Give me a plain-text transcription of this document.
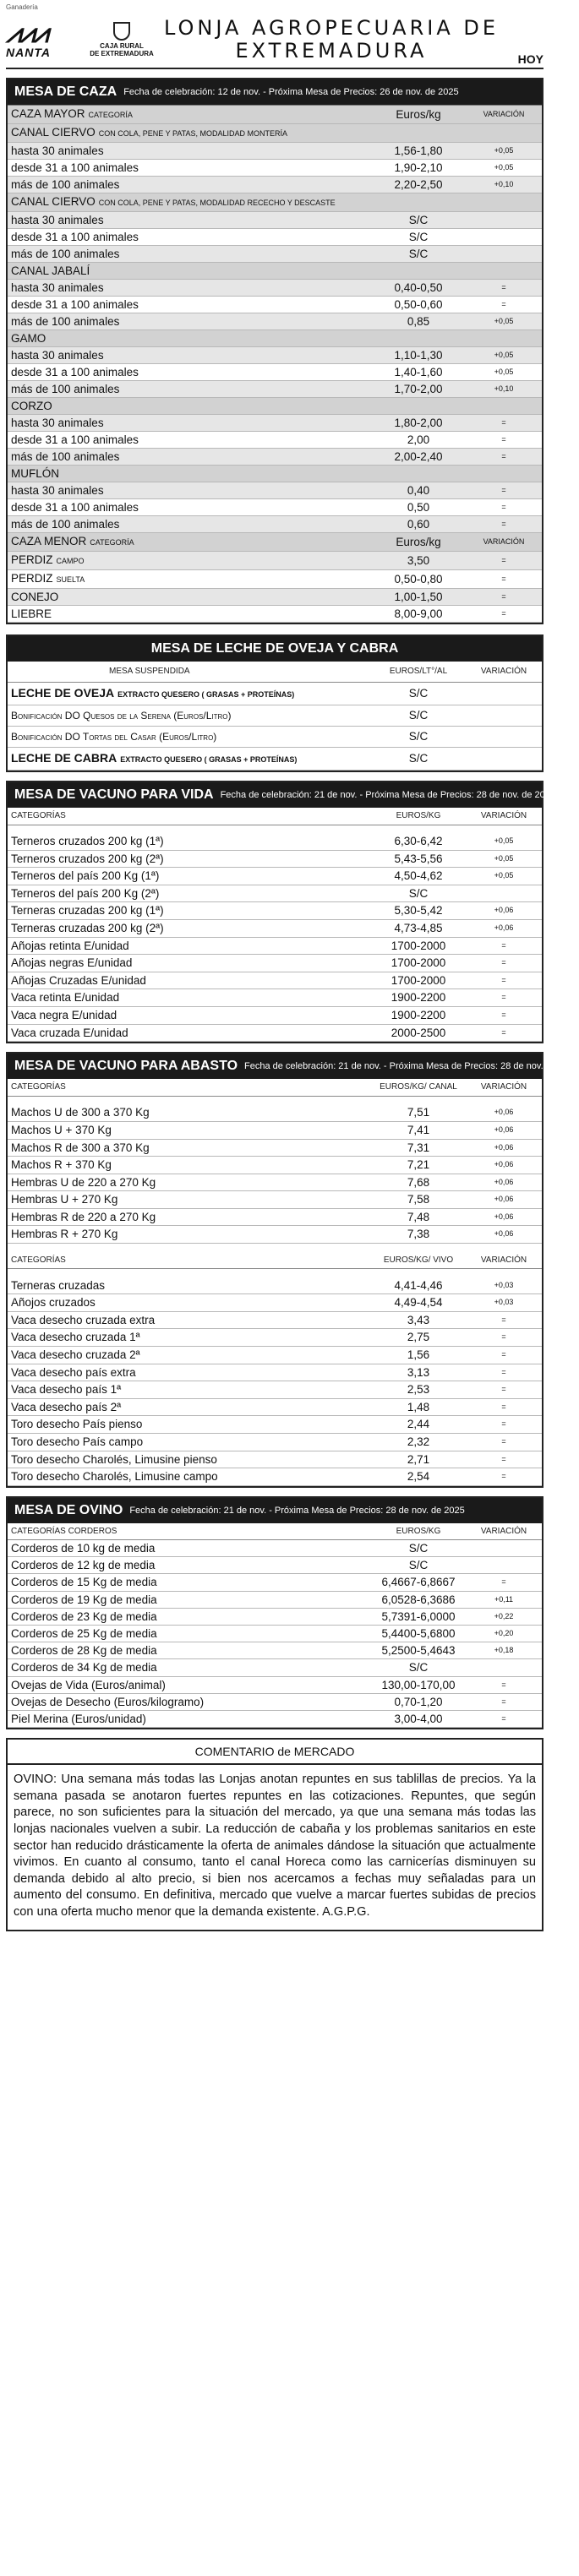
Ganadería
⩘⩘⩘
NANTA	CAJA RURAL
DE EXTREMADURA
LONJA AGROPECUARIA DE
EXTREMADURA	HOY
MESA DE CAZA Fecha de celebración: 12 de nov. - Próxima Mesa de Precios: 26 de nov. de 2025
CAZA MAYOR CATEGORÍA	Euros/kg	VARIACIÓN
CANAL CIERVO CON COLA, PENE Y PATAS, MODALIDAD MONTERÍA		
hasta 30 animales	1,56-1,80	+0,05
desde 31 a 100 animales	1,90-2,10	+0,05
más de 100 animales	2,20-2,50	+0,10
CANAL CIERVO CON COLA, PENE Y PATAS, MODALIDAD RECECHO Y DESCASTE		
hasta 30 animales	S/C	
desde 31 a 100 animales	S/C	
más de 100 animales	S/C	
CANAL JABALÍ		
hasta 30 animales	0,40-0,50	=
desde 31 a 100 animales	0,50-0,60	=
más de 100 animales	0,85	+0,05
GAMO		
hasta 30 animales	1,10-1,30	+0,05
desde 31 a 100 animales	1,40-1,60	+0,05
más de 100 animales	1,70-2,00	+0,10
CORZO		
hasta 30 animales	1,80-2,00	=
desde 31 a 100 animales	2,00	=
más de 100 animales	2,00-2,40	=
MUFLÓN		
hasta 30 animales	0,40	=
desde 31 a 100 animales	0,50	=
más de 100 animales	0,60	=
CAZA MENOR CATEGORÍA	Euros/kg	VARIACIÓN
PERDIZ CAMPO	3,50	=
PERDIZ SUELTA	0,50-0,80	=
CONEJO	1,00-1,50	=
LIEBRE	8,00-9,00	=
MESA DE LECHE DE OVEJA Y CABRA
MESA SUSPENDIDA	EUROS/LT°/AL	VARIACIÓN
LECHE DE OVEJA EXTRACTO QUESERO ( GRASAS + PROTEÍNAS)	S/C	
Bonificación DO Quesos de la Serena (Euros/Litro)	S/C	
Bonificación DO Tortas del Casar (Euros/Litro)	S/C	
LECHE DE CABRA EXTRACTO QUESERO ( GRASAS + PROTEÍNAS)	S/C	
MESA DE VACUNO PARA VIDA Fecha de celebración: 21 de nov. - Próxima Mesa de Precios: 28 de nov. de 2025
CATEGORÍAS	EUROS/KG	VARIACIÓN

Terneros cruzados 200 kg (1ª)	6,30-6,42	+0,05
Terneros cruzados 200 kg (2ª)	5,43-5,56	+0,05
Terneros del país 200 Kg (1ª)	4,50-4,62	+0,05
Terneros del país 200 Kg (2ª)	S/C	
Terneras cruzadas 200 kg (1ª)	5,30-5,42	+0,06
Terneras cruzadas 200 kg (2ª)	4,73-4,85	+0,06
Añojas retinta E/unidad	1700-2000	=
Añojas negras E/unidad	1700-2000	=
Añojas Cruzadas E/unidad	1700-2000	=
Vaca retinta E/unidad	1900-2200	=
Vaca negra E/unidad	1900-2200	=
Vaca cruzada E/unidad	2000-2500	=
MESA DE VACUNO PARA ABASTO Fecha de celebración: 21 de nov. - Próxima Mesa de Precios: 28 de nov. de 2025
CATEGORÍAS	EUROS/KG/ CANAL	VARIACIÓN

Machos U de 300 a 370 Kg	7,51	+0,06
Machos U + 370 Kg	7,41	+0,06
Machos R de 300 a 370 Kg	7,31	+0,06
Machos R + 370 Kg	7,21	+0,06
Hembras U de 220 a 270 Kg	7,68	+0,06
Hembras U + 270 Kg	7,58	+0,06
Hembras R de 220 a 270 Kg	7,48	+0,06
Hembras R + 270 Kg	7,38	+0,06

CATEGORÍAS	EUROS/KG/ VIVO	VARIACIÓN

Terneras cruzadas	4,41-4,46	+0,03
Añojos cruzados	4,49-4,54	+0,03
Vaca desecho cruzada extra	3,43	=
Vaca desecho cruzada 1ª	2,75	=
Vaca desecho cruzada 2ª	1,56	=
Vaca desecho país extra	3,13	=
Vaca desecho país 1ª	2,53	=
Vaca desecho país 2ª	1,48	=
Toro desecho País pienso	2,44	=
Toro desecho País campo	2,32	=
Toro desecho Charolés, Limusine pienso	2,71	=
Toro desecho Charolés, Limusine campo	2,54	=
MESA DE OVINO Fecha de celebración: 21 de nov. - Próxima Mesa de Precios: 28 de nov. de 2025
CATEGORÍAS CORDEROS	EUROS/KG	VARIACIÓN
Corderos de 10 kg de media	S/C	
Corderos de 12 kg de media	S/C	
Corderos de 15 Kg de media	6,4667-6,8667	=
Corderos de 19 Kg de media	6,0528-6,3686	+0,11
Corderos de 23 Kg de media	5,7391-6,0000	+0,22
Corderos de 25 Kg de media	5,4400-5,6800	+0,20
Corderos de 28 Kg de media	5,2500-5,4643	+0,18
Corderos de 34 Kg de media	S/C	
Ovejas de Vida (Euros/animal)	130,00-170,00	=
Ovejas de Desecho (Euros/kilogramo)	0,70-1,20	=
Piel Merina (Euros/unidad)	3,00-4,00	=
COMENTARIO de MERCADO

OVINO: Una semana más todas las Lonjas anotan repuntes en sus tablillas de precios. Ya la semana pasada se anotaron fuertes repuntes en las cotizaciones. Repuntes, que según parece, no son suficientes para la situación del mercado, ya que una semana más todas las lonjas nacionales vuelven a subir. La reducción de cabaña y los problemas sanitarios en este sector han reducido drásticamente la oferta de animales dándose la situación que actualmente vivimos. En cuanto al consumo, tanto el canal Horeca como las carnicerías disminuyen su demanda debido al alto precio, si bien nos acercamos a fechas muy señaladas para un aumento del consumo. En definitiva, mercado que vuelve a marcar fuertes subidas de precios con una oferta mucho menor que la demanda existente. A.G.P.G.
